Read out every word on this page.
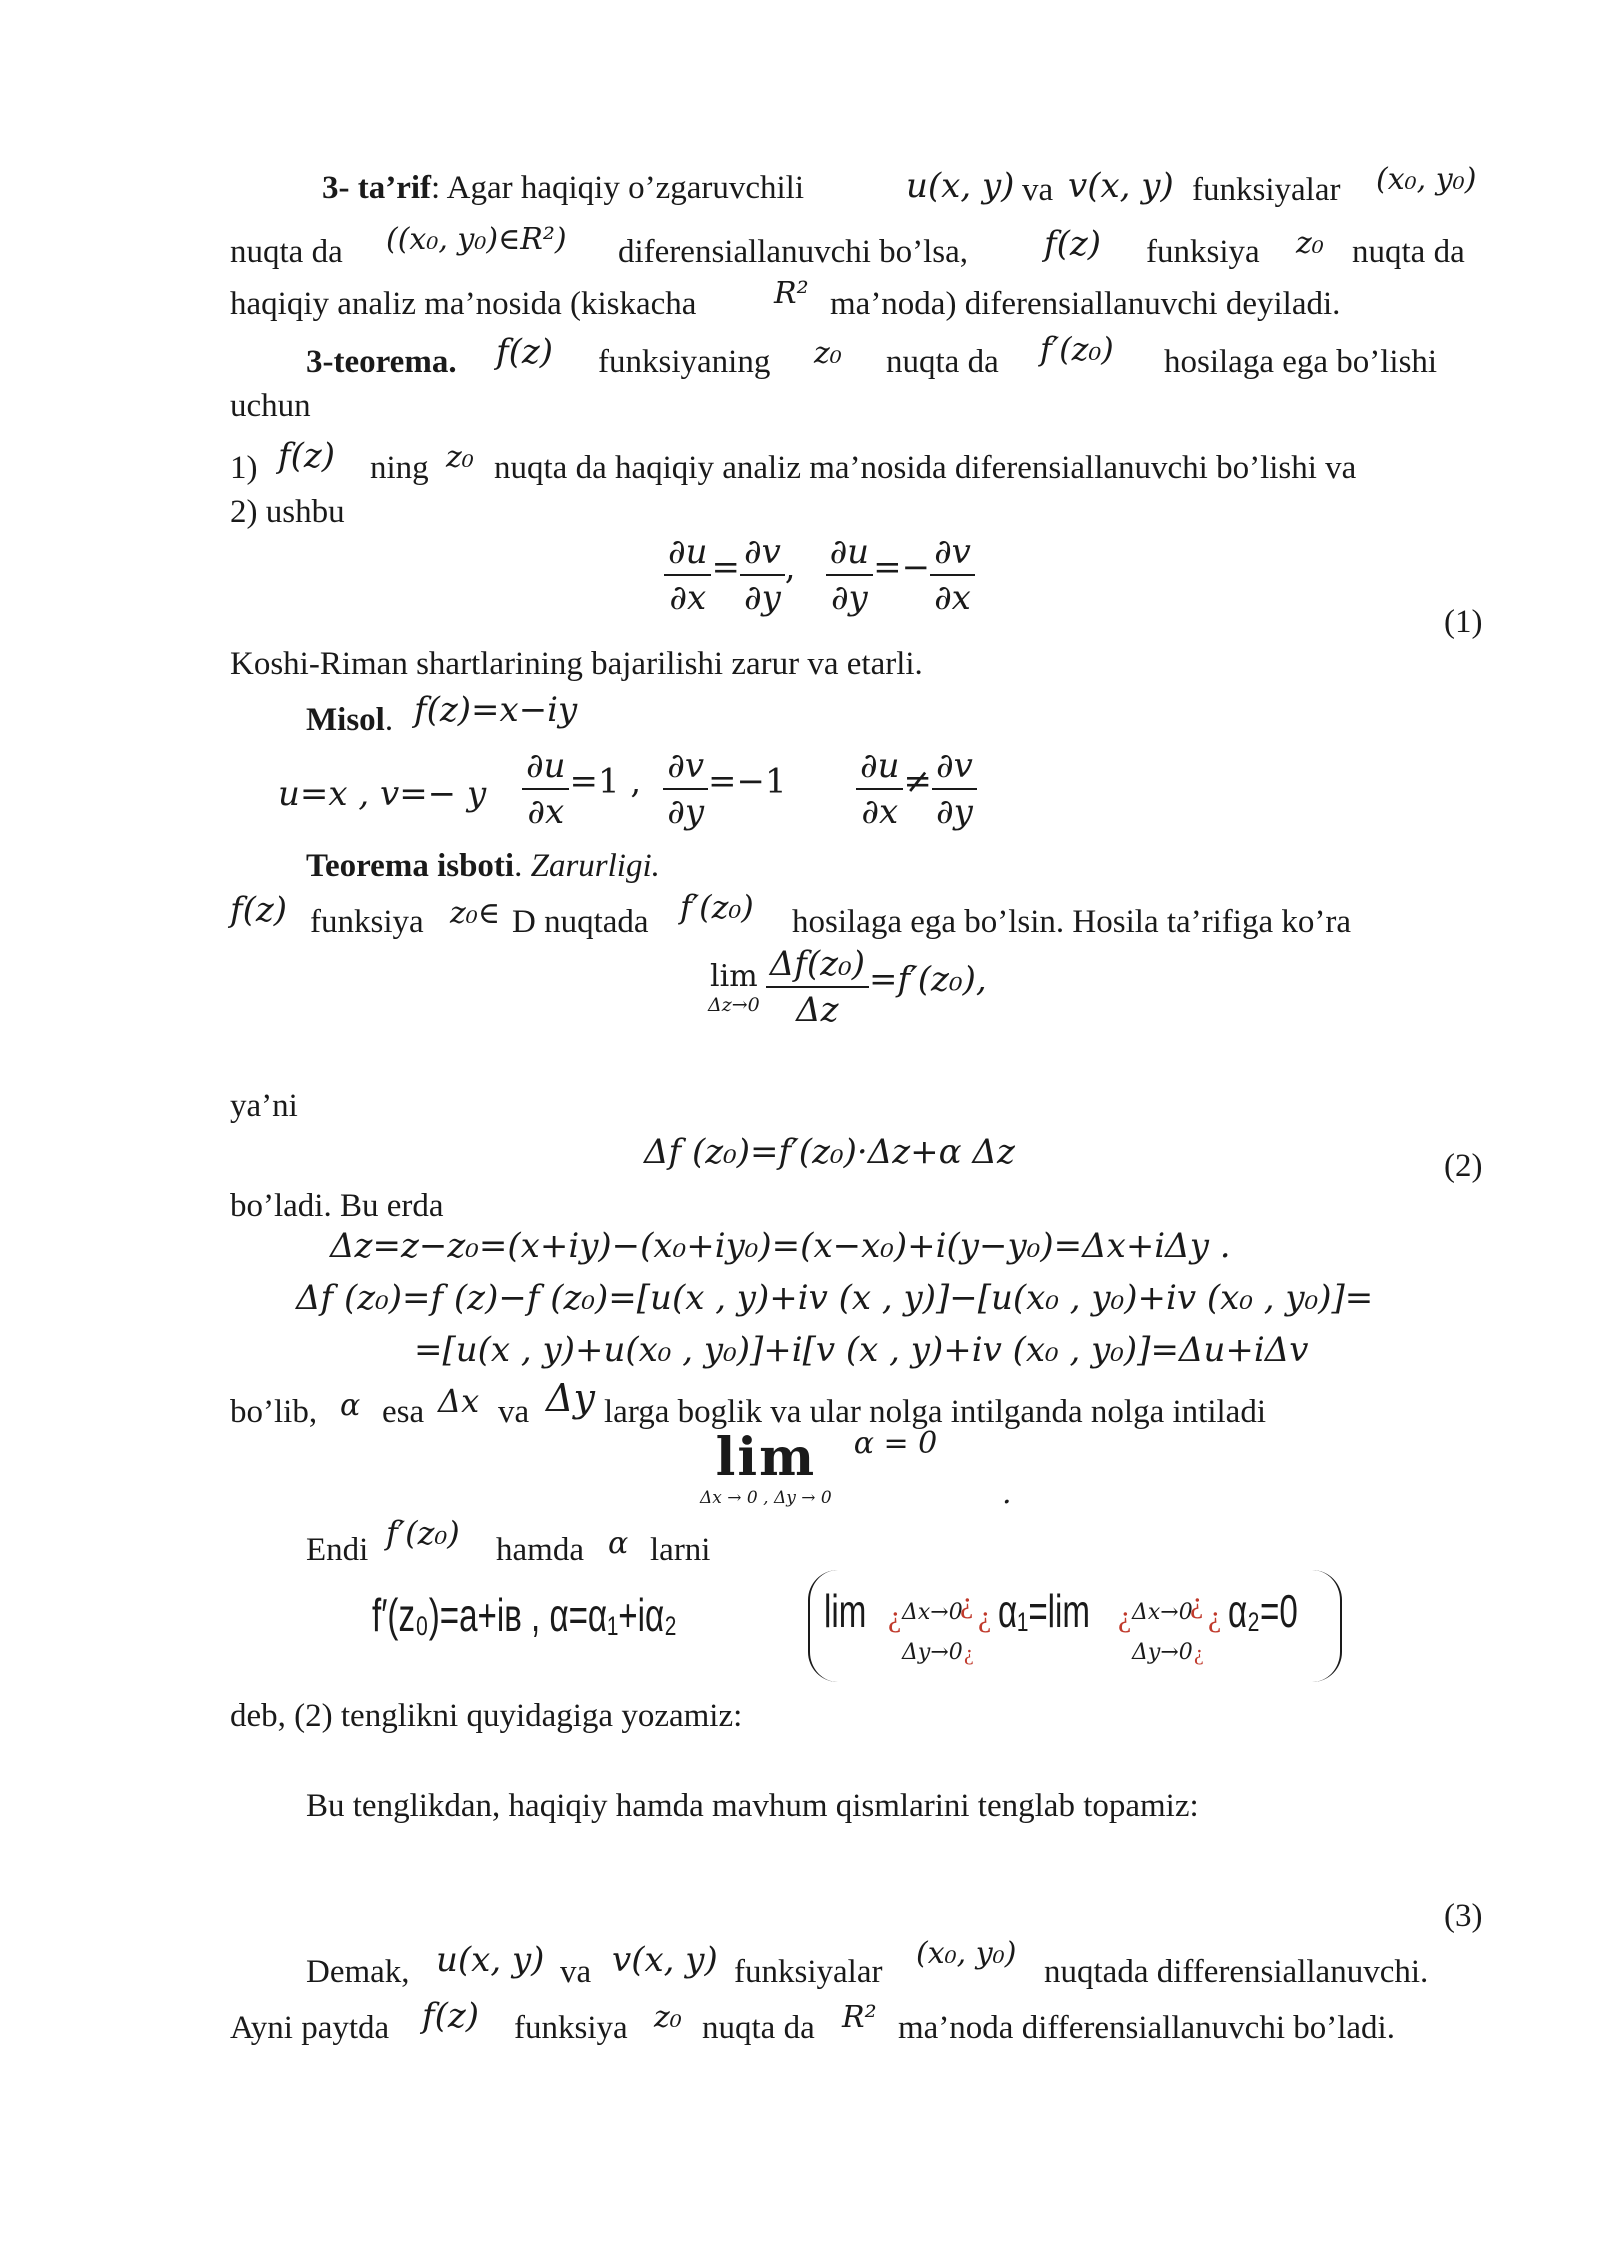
3- ta’rif: Agar haqiqiy o’zgaruvchili	u(x, y) va v(x, y) funksiyalar (x₀, y₀)
nuqta da ((x₀, y₀)∈R²) diferensiallanuvchi bo’lsa, f(z) funksiya z₀ nuqta da
haqiqiy analiz ma’nosida (kiskacha	R² ma’noda) diferensiallanuvchi deyiladi.
3-teorema. f(z) funksiyaning z₀ nuqta da f′(z₀) hosilaga ega bo’lishi
uchun
1) f(z) ning z₀ nuqta da haqiqiy analiz ma’nosida diferensiallanuvchi bo’lishi va
2) ushbu
$\frac{\partial u}{\partial x} = \frac{\partial v}{\partial y}$ , $\frac{\partial u}{\partial y} =- \frac{\partial v}{\partial x}$
(1)
Koshi-Riman shartlarining bajarilishi zarur va etarli.
Misol. f(z)=x−iy
u=x , v=− y $\frac{\partial u}{\partial x} =1$ , $\frac{\partial v}{\partial y} =-1 \frac{\partial u}{\partial x} \ne \frac{\partial v}{\partial y}$
Teorema isboti. Zarurligi.
f(z) funksiya z₀∈ D nuqtada f′(z₀) hosilaga ega bo’lsin. Hosila ta’rifiga ko’ra
lim
$\Delta z\to 0 \frac{\text{Δf(z₀)}}{\Delta z} =f'(z_0)$,
ya’ni
Δf (z₀)=f′(z₀)·Δz+α Δz	(2)
bo’ladi. Bu erda
Δz=z−z₀=(x+iy)−(x₀+iy₀)=(x−x₀)+i(y−y₀)=Δx+iΔy .
Δf (z₀)=f (z)−f (z₀)=[u(x , y)+iv (x , y)]−[u(x₀ , y₀)+iv (x₀ , y₀)]=
=[u(x , y)+u(x₀ , y₀)]+i[v (x , y)+iv (x₀ , y₀)]=Δu+iΔv
bo’lib, α esa Δx va Δy larga boglik va ular nolga intilganda nolga intiladi
lim
Δx → 0 , Δy → 0
α = 0
.
Endi f′(z₀) hamda α larni
f′(z₀)=a+iв , α=α₁+iα₂	lim ¿ Δx→0
¿ ¿
Δy→0 ¿
α₁=lim ¿ Δx→0
¿ ¿
Δy→0 ¿
α₂=0
deb, (2) tenglikni quyidagiga yozamiz:
Bu tenglikdan, haqiqiy hamda mavhum qismlarini tenglab topamiz:
(3)
Demak, u(x, y) va v(x, y) funksiyalar
(x₀, y₀)
nuqtada differensiallanuvchi.
Ayni paytda f(z) funksiya z₀ nuqta da R² ma’noda differensiallanuvchi bo’ladi.
